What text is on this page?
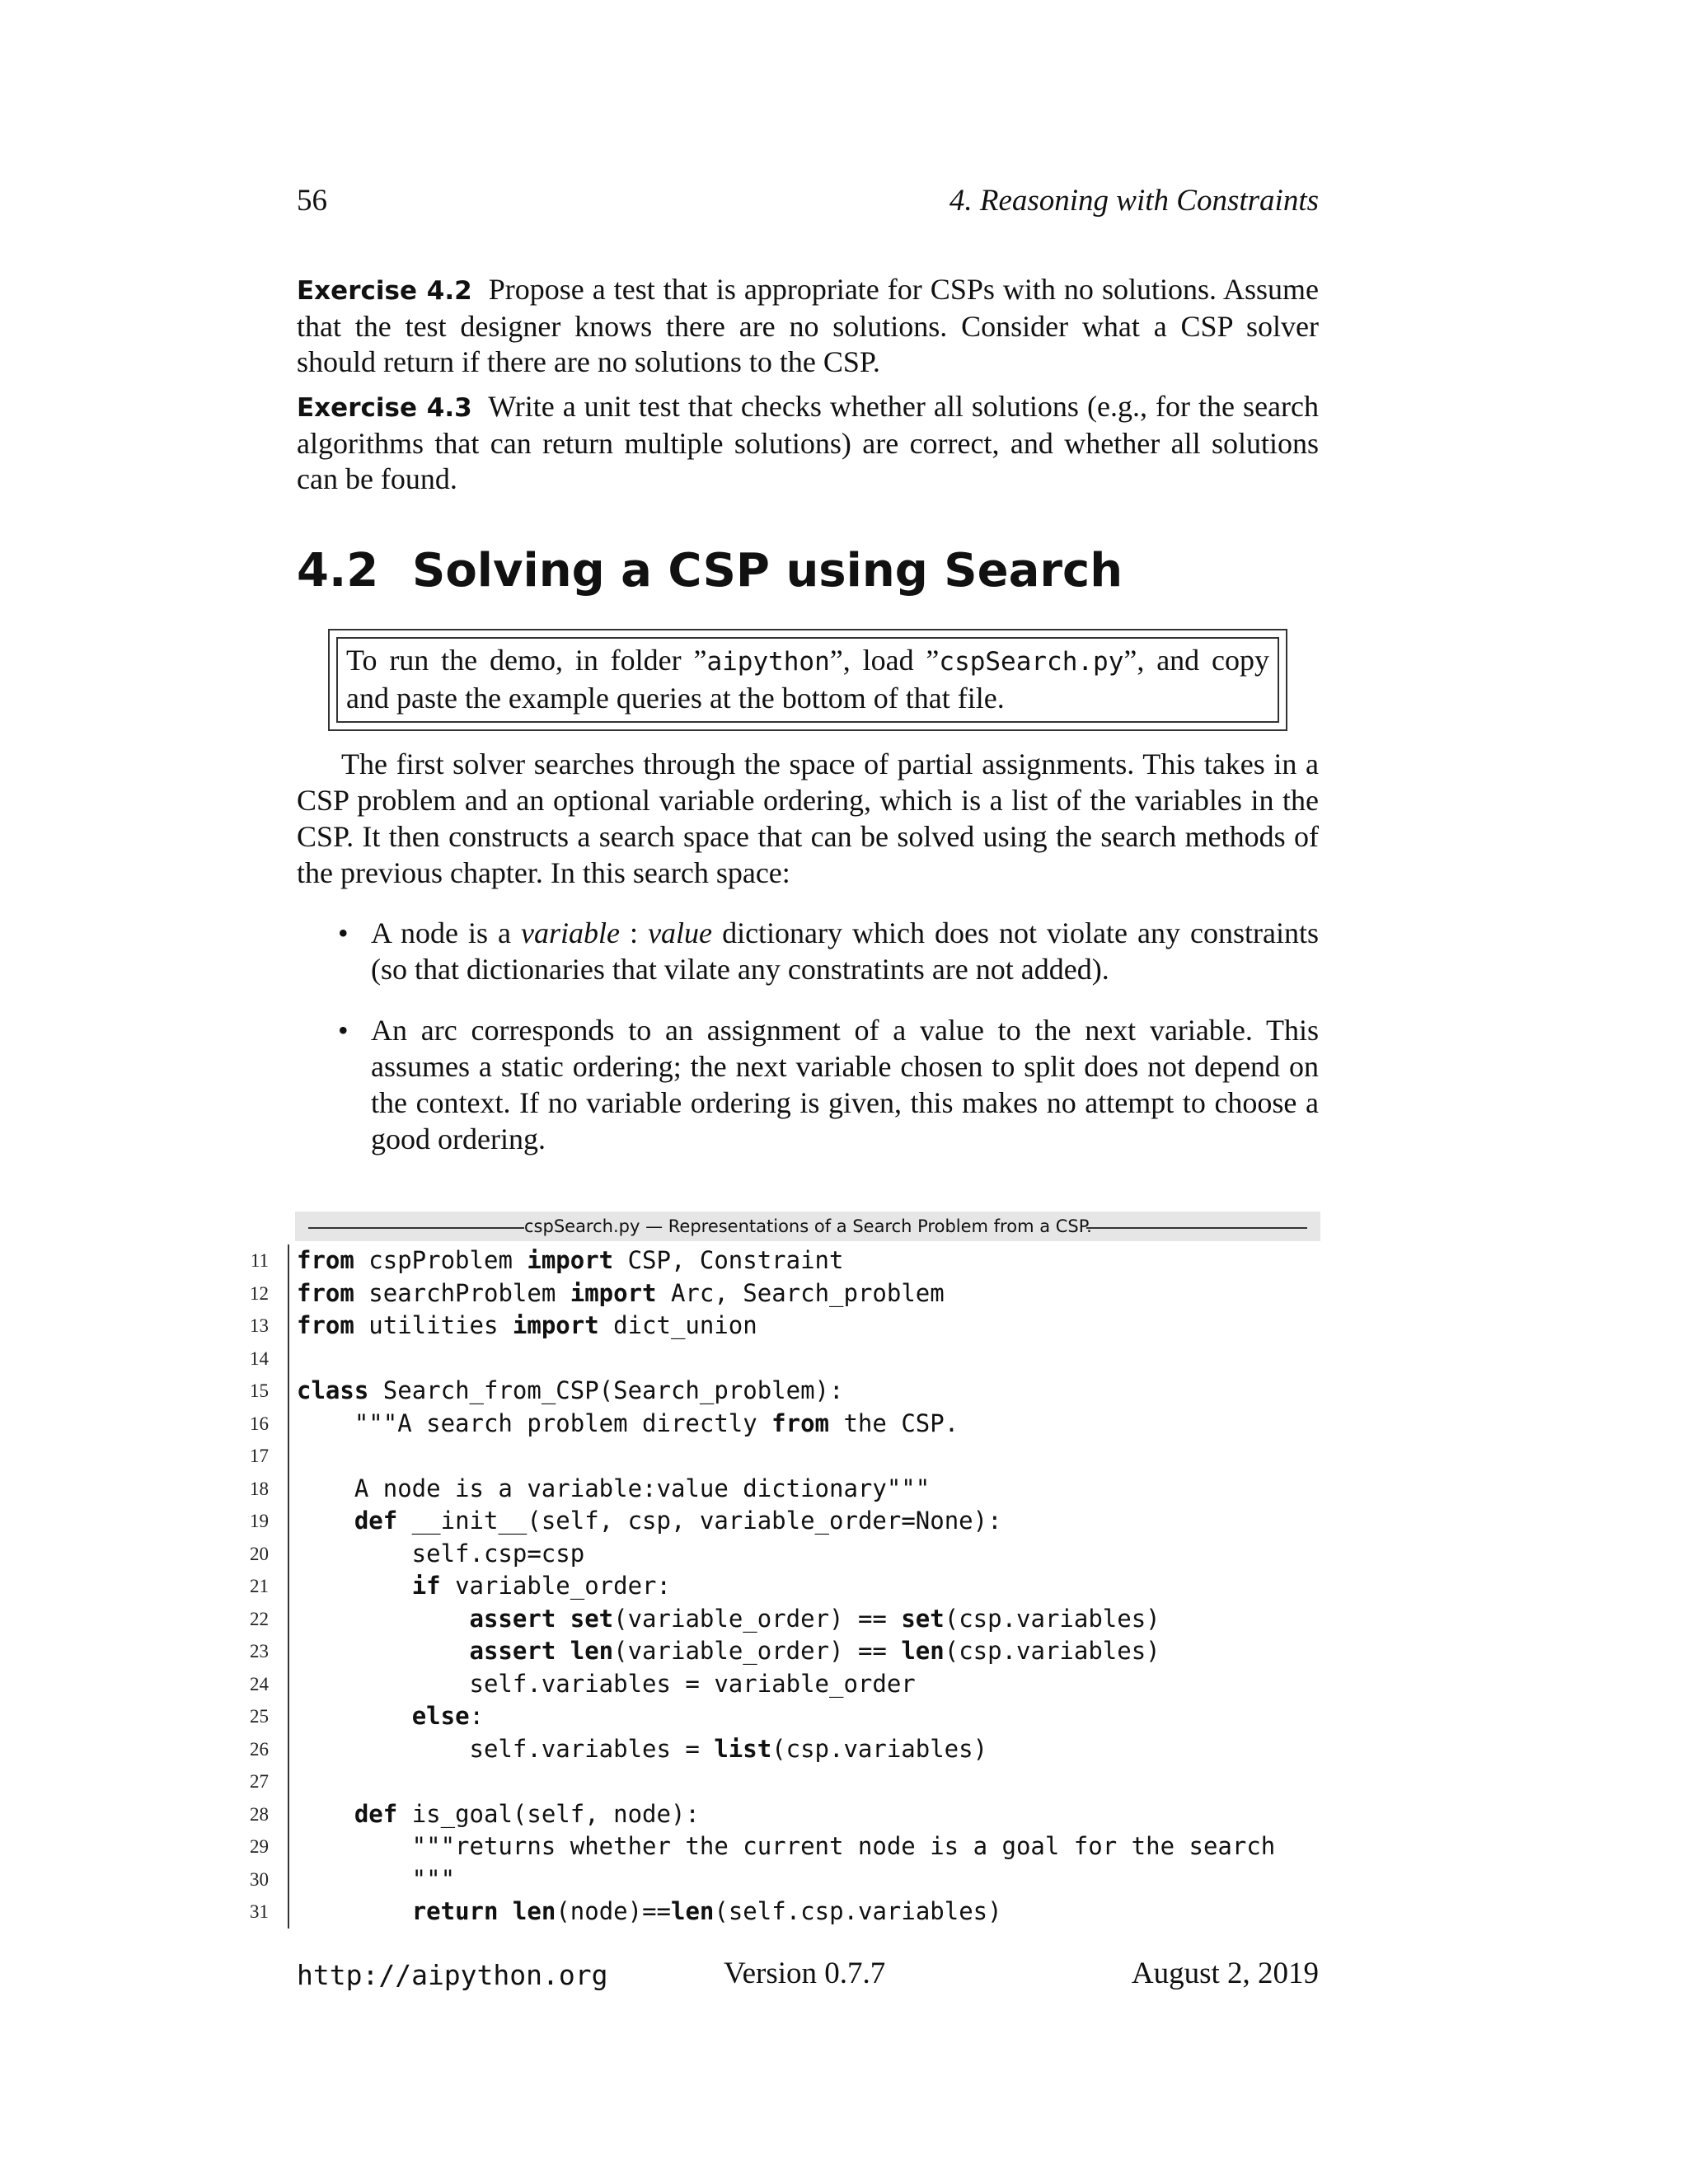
56	4. Reasoning with Constraints
Exercise 4.2 Propose a test that is appropriate for CSPs with no solutions. Assume that the test designer knows there are no solutions. Consider what a CSP solver should return if there are no solutions to the CSP.
Exercise 4.3 Write a unit test that checks whether all solutions (e.g., for the search algorithms that can return multiple solutions) are correct, and whether all solutions can be found.
4.2 Solving a CSP using Search
To run the demo, in folder ”aipython”, load ”cspSearch.py”, and copy and paste the example queries at the bottom of that file.
The first solver searches through the space of partial assignments. This takes in a CSP problem and an optional variable ordering, which is a list of the variables in the CSP. It then constructs a search space that can be solved using the search methods of the previous chapter. In this search space:
• A node is a variable : value dictionary which does not violate any constraints (so that dictionaries that vilate any constratints are not added).
• An arc corresponds to an assignment of a value to the next variable. This assumes a static ordering; the next variable chosen to split does not depend on the context. If no variable ordering is given, this makes no attempt to choose a good ordering.
cspSearch.py — Representations of a Search Problem from a CSP.
11 from cspProblem import CSP, Constraint
12 from searchProblem import Arc, Search_problem
13 from utilities import dict_union
14
15 class Search_from_CSP(Search_problem):
16 """A search problem directly from the CSP.
17
18 A node is a variable:value dictionary"""
19	def __init__(self, csp, variable_order=None):
20 self.csp=csp
21	if variable_order:
22	assert set(variable_order) == set(csp.variables)
23	assert len(variable_order) == len(csp.variables)
24 self.variables = variable_order
25	else:
26 self.variables = list(csp.variables)
27
28	def is_goal(self, node):
29 """returns whether the current node is a goal for the search
30 """
31	return len(node)==len(self.csp.variables)
http://aipython.org	Version 0.7.7	August 2, 2019
